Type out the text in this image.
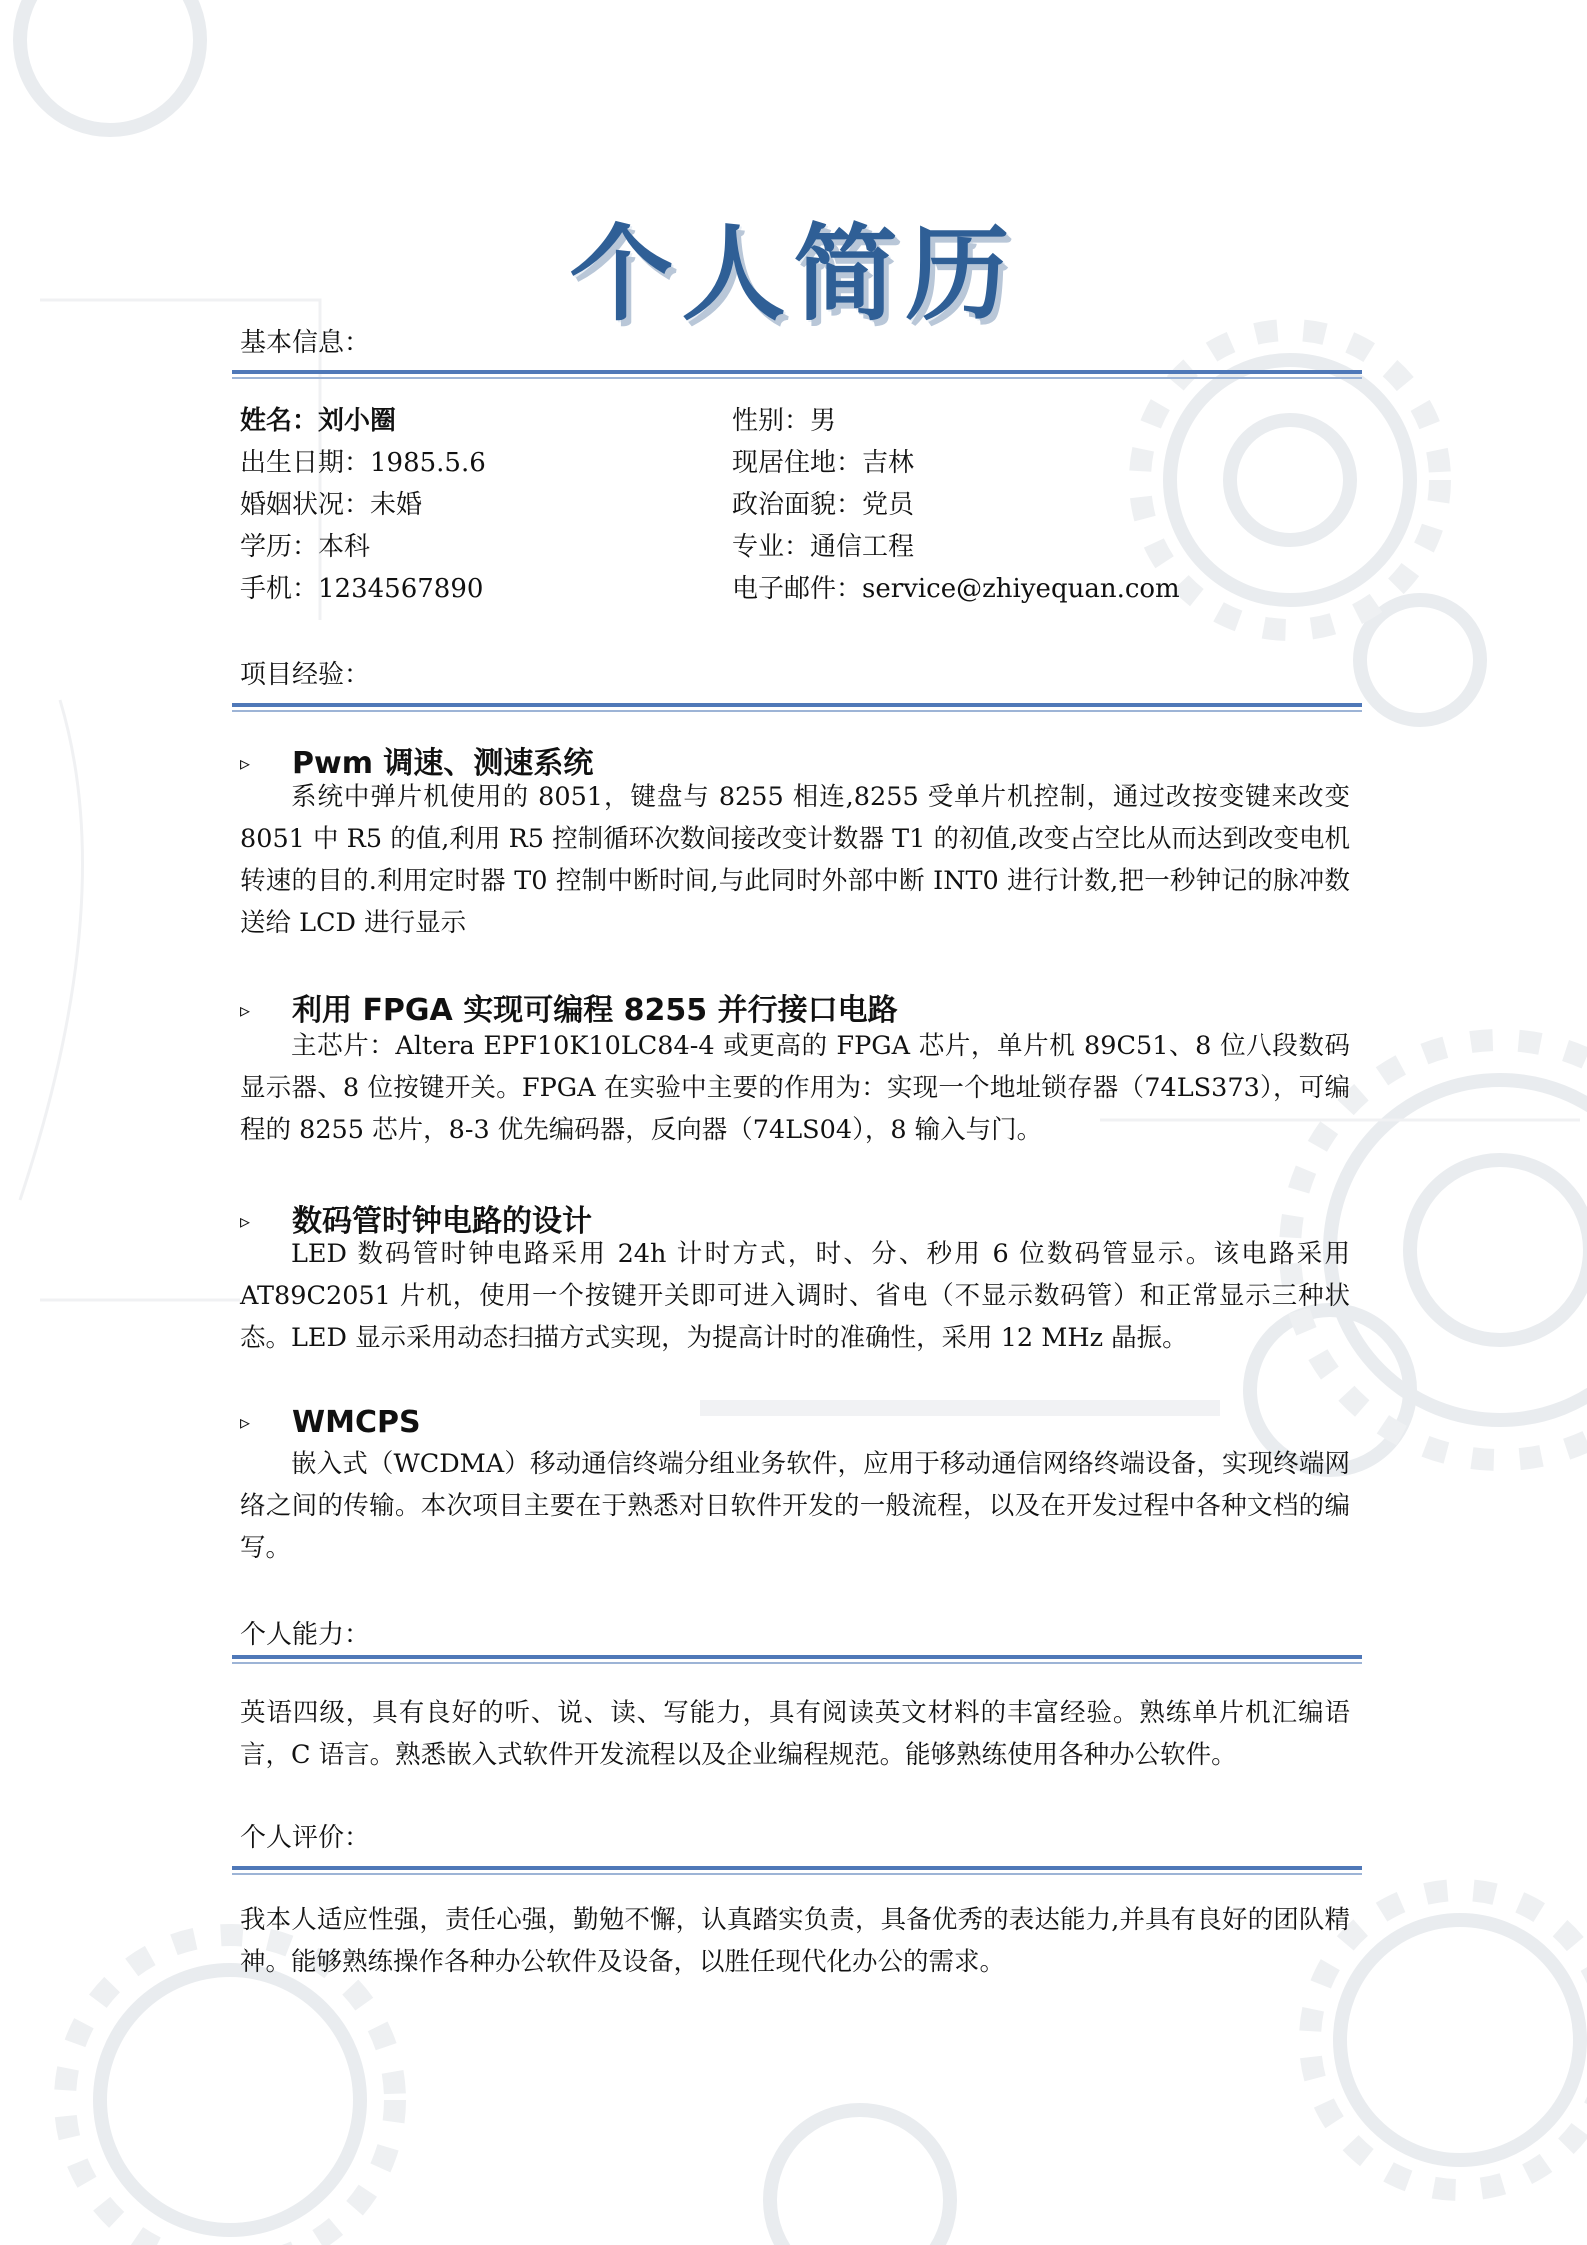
个人简历
基本信息：
姓名：刘小圈	性别：男
出生日期：1985.5.6	现居住地：吉林
婚姻状况：未婚	政治面貌：党员
学历：本科	专业：通信工程
手机：1234567890	电子邮件：service@zhiyequan.com
项目经验：
▹ Pwm 调速、测速系统
系统中弹片机使用的 8051，键盘与 8255 相连,8255 受单片机控制，通过改按变键来改变8051 中 R5 的值,利用 R5 控制循环次数间接改变计数器 T1 的初值,改变占空比从而达到改变电机转速的目的.利用定时器 T0 控制中断时间,与此同时外部中断 INT0 进行计数,把一秒钟记的脉冲数送给 LCD 进行显示
▹ 利用 FPGA 实现可编程 8255 并行接口电路
主芯片：Altera EPF10K10LC84-4 或更高的 FPGA 芯片，单片机 89C51、8 位八段数码显示器、8 位按键开关。FPGA 在实验中主要的作用为：实现一个地址锁存器（74LS373），可编程的 8255 芯片，8-3 优先编码器，反向器（74LS04），8 输入与门。
▹ 数码管时钟电路的设计
LED 数码管时钟电路采用 24h 计时方式，时、分、秒用 6 位数码管显示。该电路采用 AT89C2051 片机，使用一个按键开关即可进入调时、省电（不显示数码管）和正常显示三种状态。LED 显示采用动态扫描方式实现，为提高计时的准确性，采用 12 MHz 晶振。
▹ WMCPS
嵌入式（WCDMA）移动通信终端分组业务软件，应用于移动通信网络终端设备，实现终端网络之间的传输。本次项目主要在于熟悉对日软件开发的一般流程，以及在开发过程中各种文档的编写。
个人能力：
英语四级，具有良好的听、说、读、写能力，具有阅读英文材料的丰富经验。熟练单片机汇编语言，C 语言。熟悉嵌入式软件开发流程以及企业编程规范。能够熟练使用各种办公软件。
个人评价：
我本人适应性强，责任心强，勤勉不懈，认真踏实负责，具备优秀的表达能力,并具有良好的团队精神。能够熟练操作各种办公软件及设备，以胜任现代化办公的需求。
